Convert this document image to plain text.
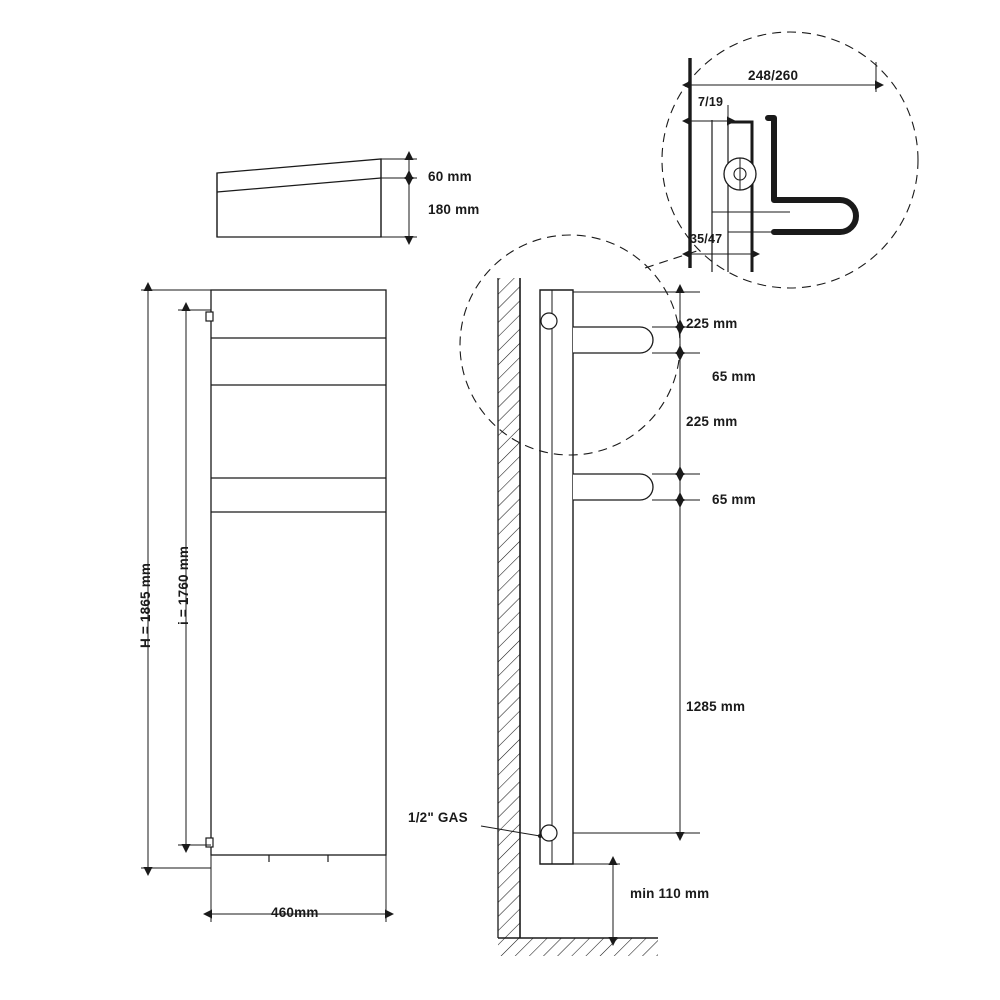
60 mm
180 mm
H = 1865 mm i = 1760 mm
460mm
1/2" GAS
min 110 mm
225 mm
65 mm
225 mm
65 mm
1285 mm
248/260
7/19
35/47
